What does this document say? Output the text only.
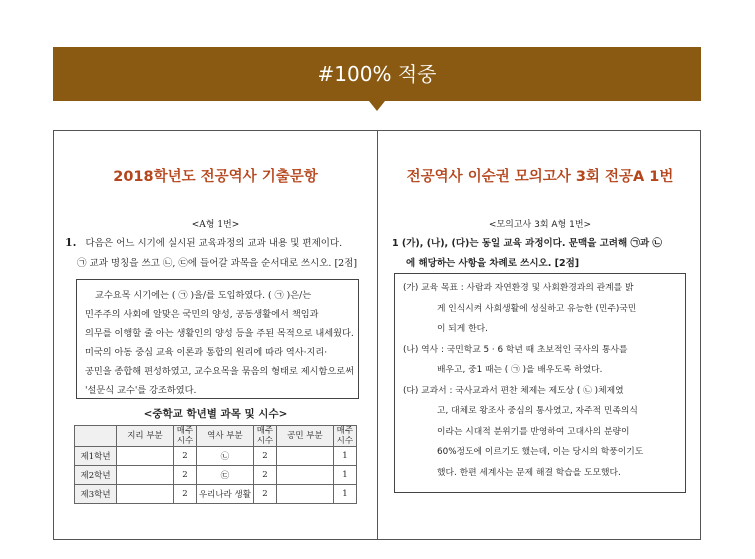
#100% 적중
2018학년도 전공역사 기출문항
<A형 1번>
1. 다음은 어느 시기에 실시된 교육과정의 교과 내용 및 편제이다.
㉠ 교과 명칭을 쓰고 ㉡, ㉢에 들어갈 과목을 순서대로 쓰시오. [2점]
교수요목 시기에는 ( ㉠ )을/를 도입하였다. ( ㉠ )은/는
민주주의 사회에 알맞은 국민의 양성, 공동생활에서 책임과
의무를 이행할 줄 아는 생활인의 양성 등을 주된 목적으로 내세웠다.
미국의 아동 중심 교육 이론과 통합의 원리에 따라 역사·지리·
공민을 종합해 편성하였고, 교수요목을 묶음의 형태로 제시함으로써
'설문식 교수'를 강조하였다.
<중학교 학년별 과목 및 시수>
	지리 부분	매주 시수	역사 부분	매주 시수	공민 부분	매주 시수
제1학년		2	㉡	2		1
제2학년		2	㉢	2		1
제3학년		2	우리나라 생활	2		1
전공역사 이순권 모의고사 3회 전공A 1번
<모의고사 3회 A형 1번>
1 (가), (나), (다)는 동일 교육 과정이다. 문맥을 고려해 ㉠과 ㉡
에 해당하는 사항을 차례로 쓰시오. [2점]
(가) 교육 목표 : 사람과 자연환경 및 사회환경과의 관계를 밝
게 인식시켜 사회생활에 성실하고 유능한 (민주)국민
이 되게 한다.
(나) 역사 : 국민학교 5 · 6 학년 때 초보적인 국사의 통사를
배우고, 중1 때는 ( ㉠ )을 배우도록 하였다.
(다) 교과서 : 국사교과서 편찬 체제는 제도상 ( ㉡ )체제였
고, 대체로 왕조사 중심의 통사였고, 자주적 민족의식
이라는 시대적 분위기를 반영하여 고대사의 분량이
60%정도에 이르기도 했는데, 이는 당시의 학풍이기도
했다. 한편 세계사는 문제 해결 학습을 도모했다.
